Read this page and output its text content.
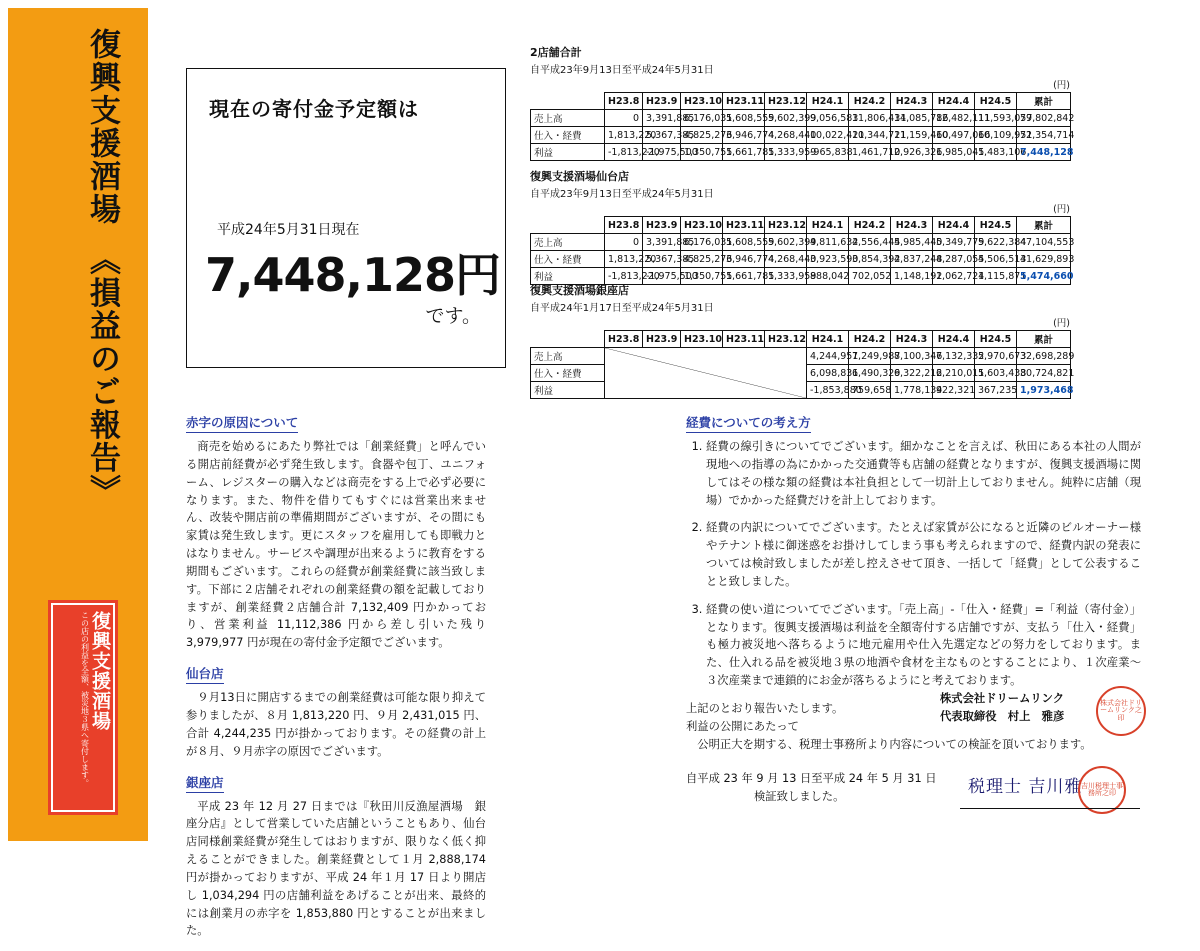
復興支援酒場　《損益のご報告》
復興支援酒場
この店の利益を全額、被災地３県へ寄付します。
現在の寄付金予定額は
平成24年5月31日現在
7,448,128円
です。
2店舗合計
自平成23年9月13日至平成24年5月31日
(円)
	H23.8	H23.9	H23.10	H23.11	H23.12	H24.1	H24.2	H24.3	H24.4	H24.5	累計
売上高	0	3,391,885	6,176,031	5,608,559	5,602,399	9,056,583	11,806,431	14,085,786	12,482,111	11,593,057	79,802,842
仕入・経費	1,813,220	5,367,385	4,825,276	3,946,774	4,268,440	10,022,421	10,344,721	11,159,460	10,497,066	10,109,951	72,354,714
利益	-1,813,220	-1,975,500	1,350,755	1,661,785	1,333,959	-965,838	1,461,710	2,926,326	1,985,045	1,483,106	7,448,128
復興支援酒場仙台店
自平成23年9月13日至平成24年5月31日
(円)
	H23.8	H23.9	H23.10	H23.11	H23.12	H24.1	H24.2	H24.3	H24.4	H24.5	累計
売上高	0	3,391,885	6,176,031	5,608,559	5,602,399	4,811,632	4,556,444	5,985,440	5,349,779	5,622,384	47,104,553
仕入・経費	1,813,220	5,367,385	4,825,276	3,946,774	4,268,440	3,923,590	3,854,392	4,837,248	4,287,055	4,506,513	41,629,893
利益	-1,813,220	-1,975,500	1,350,755	1,661,785	1,333,959	888,042	702,052	1,148,192	1,062,724	1,115,871	5,474,660
復興支援酒場銀座店
自平成24年1月17日至平成24年5月31日
(円)
	H23.8	H23.9	H23.10	H23.11	H23.12	H24.1	H24.2	H24.3	H24.4	H24.5	累計
売上高						4,244,951	7,249,987	8,100,346	7,132,332	5,970,673	32,698,289
仕入・経費						6,098,831	6,490,329	6,322,212	6,210,011	5,603,438	30,724,821
利益						-1,853,880	759,658	1,778,134	922,321	367,235	1,973,468
赤字の原因について

商売を始めるにあたり弊社では「創業経費」と呼んでいる開店前経費が必ず発生致します。食器や包丁、ユニフォーム、レジスターの購入などは商売をする上で必ず必要になります。また、物件を借りてもすぐには営業出来ません、改装や開店前の準備期間がございますが、その間にも家賃は発生致します。更にスタッフを雇用しても即戦力とはなりません。サービスや調理が出来るように教育をする期間もございます。これらの経費が創業経費に該当致します。下部に２店舗それぞれの創業経費の額を記載しておりますが、創業経費２店舗合計 7,132,409 円かかっており、営業利益 11,112,386 円から差し引いた残り 3,979,977 円が現在の寄付金予定額でございます。

仙台店

９月13日に開店するまでの創業経費は可能な限り抑えて参りましたが、８月 1,813,220 円、９月 2,431,015 円、合計 4,244,235 円が掛かっております。その経費の計上が８月、９月赤字の原因でございます。

銀座店

平成 23 年 12 月 27 日までは『秋田川反漁屋酒場　銀座分店』として営業していた店舗ということもあり、仙台店同様創業経費が発生してはおりますが、限りなく低く抑えることができました。創業経費として１月 2,888,174 円が掛かっておりますが、平成 24 年１月 17 日より開店し 1,034,294 円の店舗利益をあげることが出来、最終的には創業月の赤字を 1,853,880 円とすることが出来ました。

経費についての考え方
1. 経費の線引きについてでございます。細かなことを言えば、秋田にある本社の人間が現地への指導の為にかかった交通費等も店舗の経費となりますが、復興支援酒場に関してはその様な類の経費は本社負担として一切計上しておりません。純粋に店舗（現場）でかかった経費だけを計上しております。
2. 経費の内訳についてでございます。たとえば家賃が公になると近隣のビルオーナー様やテナント様に御迷惑をお掛けしてしまう事も考えられますので、経費内訳の発表については検討致しましたが差し控えさせて頂き、一括して「経費」として公表することと致しました。
3. 経費の使い道についてでございます。「売上高」-「仕入・経費」=「利益（寄付金）」となります。復興支援酒場は利益を全額寄付する店舗ですが、支払う「仕入・経費」も極力被災地へ落ちるように地元雇用や仕入先選定などの努力をしております。また、仕入れる品を被災地３県の地酒や食材を主なものとすることにより、１次産業～３次産業まで連鎖的にお金が落ちるようにと考えております。

上記のとおり報告いたします。

株式会社ドリームリンク
代表取締役　村上　雅彦
株式会社ドリームリンク之印
利益の公開にあたって
公明正大を期する、税理士事務所より内容についての検証を頂いております。
自平成 23 年 9 月 13 日至平成 24 年 5 月 31 日
検証致しました。	税理士 吉川雅
吉川税理士事務所之印
